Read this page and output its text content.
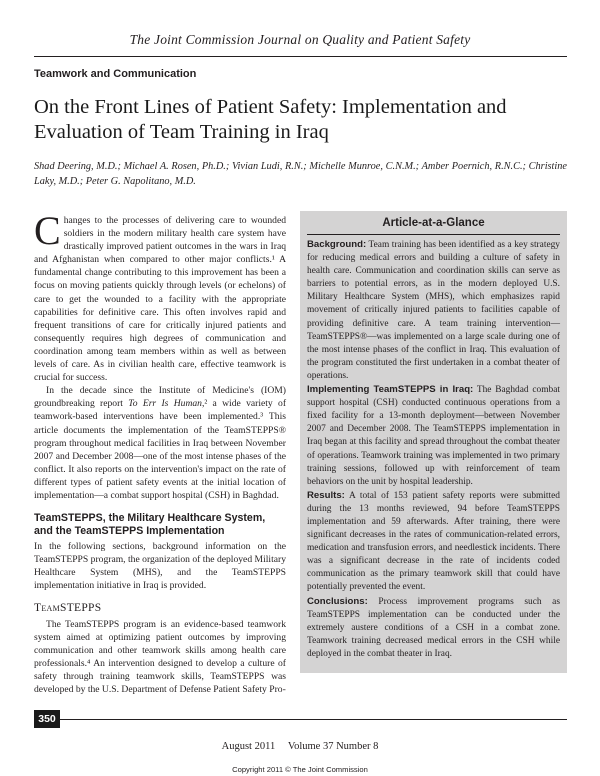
The Joint Commission Journal on Quality and Patient Safety
Teamwork and Communication
On the Front Lines of Patient Safety: Implementation and Evaluation of Team Training in Iraq
Shad Deering, M.D.; Michael A. Rosen, Ph.D.; Vivian Ludi, R.N.; Michelle Munroe, C.N.M.; Amber Poernich, R.N.C.; Christine Laky, M.D.; Peter G. Napolitano, M.D.

Changes to the processes of delivering care to wounded soldiers in the modern military health care system have drastically improved patient outcomes in the wars in Iraq and Afghanistan when compared to other major conflicts.¹ A fundamental change contributing to this improvement has been a focus on moving patients quickly through levels (or echelons) of care to get the wounded to a facility with the appropriate capabilities for definitive care. This often involves rapid and frequent transitions of care for critically injured patients and consequently requires high degrees of communication and coordination among team members within as well as between levels of care. As in civilian health care, effective teamwork is crucial for success.

In the decade since the Institute of Medicine's (IOM) groundbreaking report To Err Is Human,² a wide variety of teamwork-based interventions have been implemented.³ This article documents the implementation of the TeamSTEPPS® program throughout medical facilities in Iraq between November 2007 and December 2008—one of the most intense phases of the conflict. It also reports on the intervention's impact on the rate of different types of patient safety events at the initial location of implementation—a combat support hospital (CSH) in Baghdad.

TeamSTEPPS, the Military Healthcare System, and the TeamSTEPPS Implementation

In the following sections, background information on the TeamSTEPPS program, the organization of the deployed Military Healthcare System (MHS), and the TeamSTEPPS implementation initiative in Iraq is provided.

TeamSTEPPS

The TeamSTEPPS program is an evidence-based teamwork system aimed at optimizing patient outcomes by improving communication and other teamwork skills among health care professionals.⁴ An intervention designed to develop a culture of safety through training teamwork skills, TeamSTEPPS was developed by the U.S. Department of Defense Patient Safety Pro-

Article-at-a-Glance

Background: Team training has been identified as a key strategy for reducing medical errors and building a culture of safety in health care. Communication and coordination skills can serve as barriers to potential errors, as in the modern deployed U.S. Military Healthcare System (MHS), which emphasizes rapid movement of critically injured patients to facilities capable of providing definitive care. A team training intervention—TeamSTEPPS®—was implemented on a large scale during one of the most intense phases of the conflict in Iraq. This evaluation of the program constituted the first undertaken in a combat theater of operations.

Implementing TeamSTEPPS in Iraq: The Baghdad combat support hospital (CSH) conducted continuous operations from a fixed facility for a 13-month deployment—between November 2007 and December 2008. The TeamSTEPPS implementation in Iraq began at this facility and spread throughout the combat theater of operations. Teamwork training was implemented in two primary training sessions, followed up with reinforcement of team behaviors on the unit by hospital leadership.

Results: A total of 153 patient safety reports were submitted during the 13 months reviewed, 94 before TeamSTEPPS implementation and 59 afterwards. After training, there were significant decreases in the rates of communication-related errors, medication and transfusion errors, and needlestick incidents. There was a significant decrease in the rate of incidents coded communication as the primary teamwork skill that could have potentially prevented the event.

Conclusions: Process improvement programs such as TeamSTEPPS implementation can be conducted under the extremely austere conditions of a CSH in a combat zone. Teamwork training decreased medical errors in the CSH while deployed in the combat theater in Iraq.

350
August 2011 Volume 37 Number 8
Copyright 2011 © The Joint Commission
